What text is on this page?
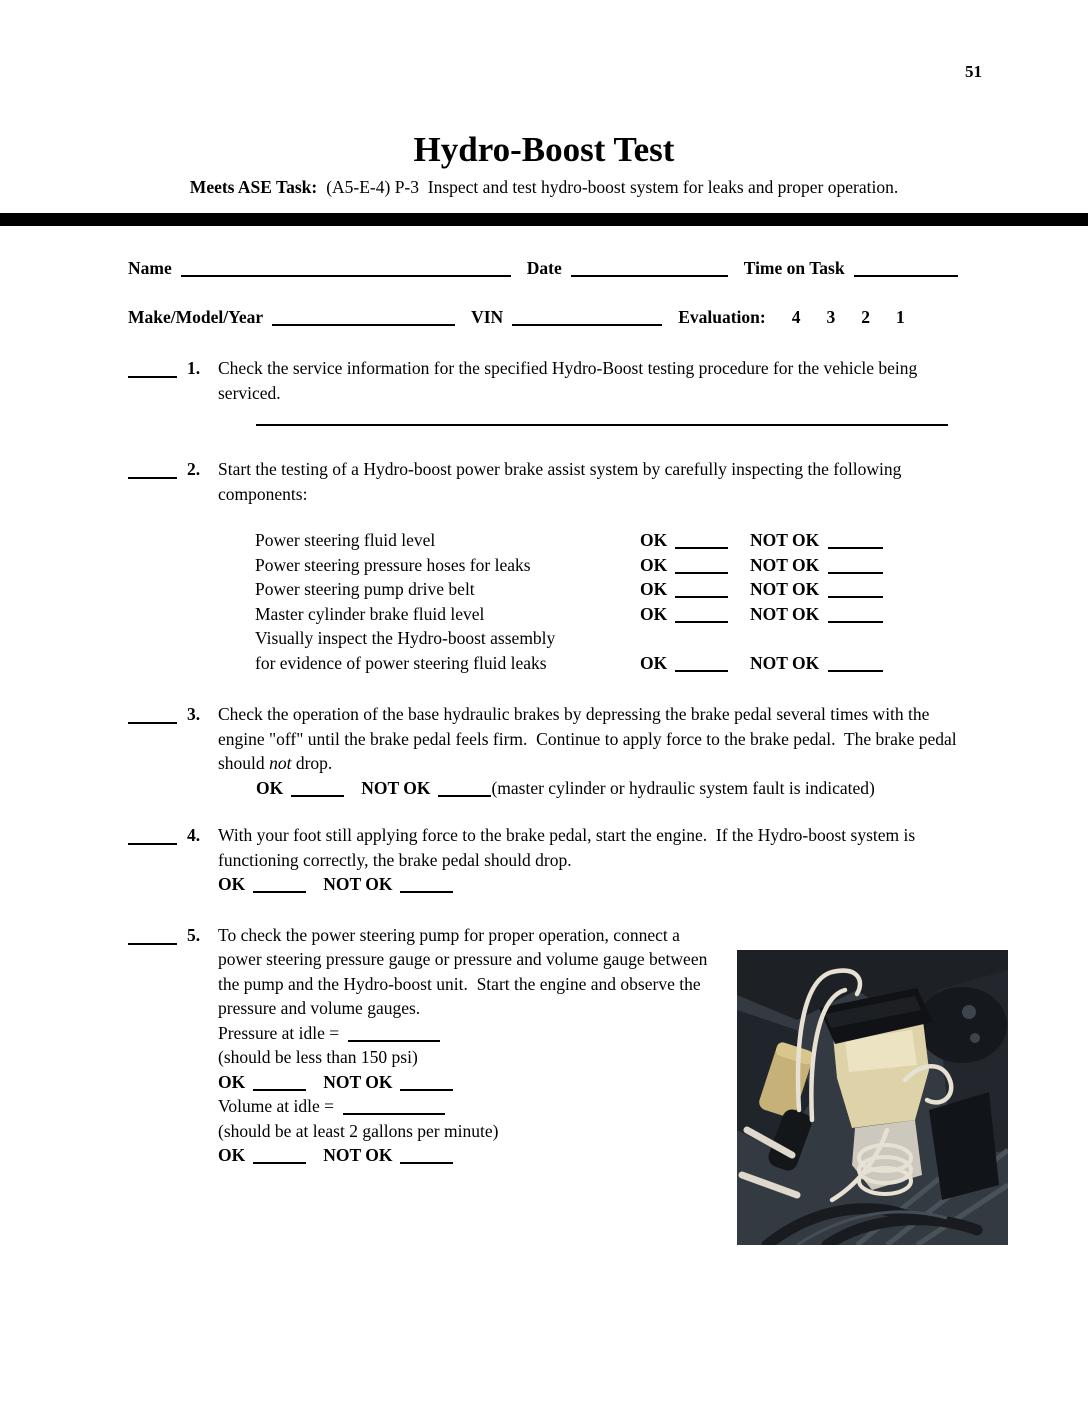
51
Hydro-Boost Test
Meets ASE Task: (A5-E-4) P-3  Inspect and test hydro-boost system for leaks and proper operation.
Name	Date	Time on Task
Make/Model/Year	VIN	Evaluation: 4 3 2 1
1.	Check the service information for the specified Hydro-Boost testing procedure for the vehicle being serviced.

2.	Start the testing of a Hydro-boost power brake assist system by carefully inspecting the following components:

Power steering fluid level	OK	NOT OK
Power steering pressure hoses for leaks	OK	NOT OK
Power steering pump drive belt	OK	NOT OK
Master cylinder brake fluid level	OK	NOT OK
Visually inspect the Hydro-boost assembly
for evidence of power steering fluid leaks	OK	NOT OK
3.	Check the operation of the base hydraulic brakes by depressing the brake pedal several times with the engine "off" until the brake pedal feels firm.  Continue to apply force to the brake pedal.  The brake pedal should not drop.

OK	NOT OK	(master cylinder or hydraulic system fault is indicated)

4.	With your foot still applying force to the brake pedal, start the engine.  If the Hydro-boost system is functioning correctly, the brake pedal should drop.

OK	NOT OK

5.	To check the power steering pump for proper operation, connect a power steering pressure gauge or pressure and volume gauge between the pump and the Hydro-boost unit.  Start the engine and observe the pressure and volume gauges.

Pressure at idle =

(should be less than 150 psi)

OK	NOT OK

Volume at idle =

(should be at least 2 gallons per minute)

OK	NOT OK
